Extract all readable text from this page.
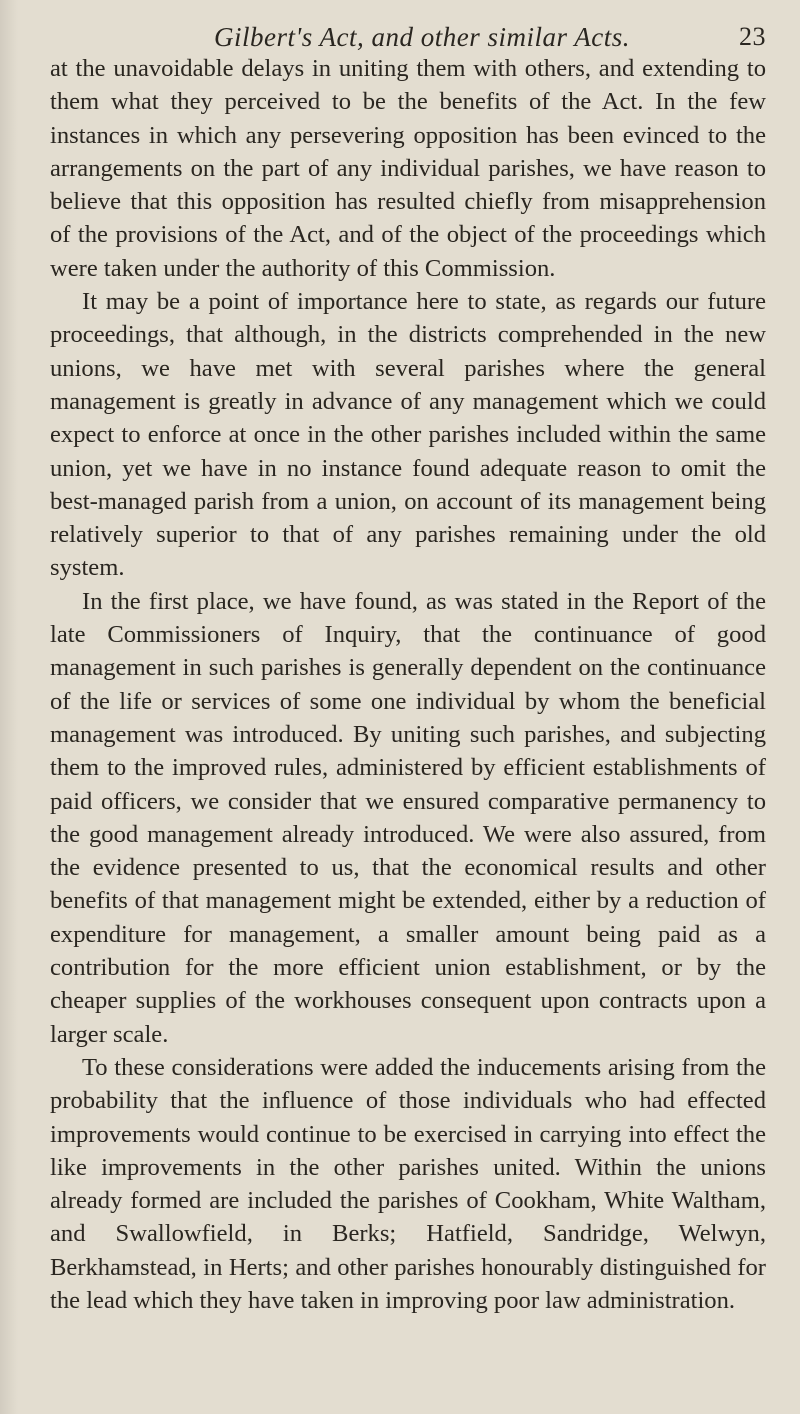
Gilbert's Act, and other similar Acts.	23

at the unavoidable delays in uniting them with others, and extending to them what they perceived to be the benefits of the Act. In the few instances in which any persevering opposition has been evinced to the arrangements on the part of any individual parishes, we have reason to believe that this opposition has resulted chiefly from misapprehension of the provisions of the Act, and of the object of the proceedings which were taken under the authority of this Commission.

It may be a point of importance here to state, as regards our future proceedings, that although, in the districts comprehended in the new unions, we have met with several parishes where the general management is greatly in advance of any management which we could expect to enforce at once in the other parishes included within the same union, yet we have in no instance found adequate reason to omit the best-managed parish from a union, on account of its management being relatively superior to that of any parishes remaining under the old system.

In the first place, we have found, as was stated in the Report of the late Commissioners of Inquiry, that the continuance of good management in such parishes is generally dependent on the continuance of the life or services of some one individual by whom the beneficial management was introduced. By uniting such parishes, and subjecting them to the improved rules, administered by efficient establishments of paid officers, we consider that we ensured comparative permanency to the good management already introduced. We were also assured, from the evidence presented to us, that the economical results and other benefits of that management might be extended, either by a reduction of expenditure for management, a smaller amount being paid as a contribution for the more efficient union establishment, or by the cheaper supplies of the workhouses consequent upon contracts upon a larger scale.

To these considerations were added the inducements arising from the probability that the influence of those individuals who had effected improvements would continue to be exercised in carrying into effect the like improvements in the other parishes united. Within the unions already formed are included the parishes of Cookham, White Waltham, and Swallowfield, in Berks; Hatfield, Sandridge, Welwyn, Berkhamstead, in Herts; and other parishes honourably distinguished for the lead which they have taken in improving poor law administration.
